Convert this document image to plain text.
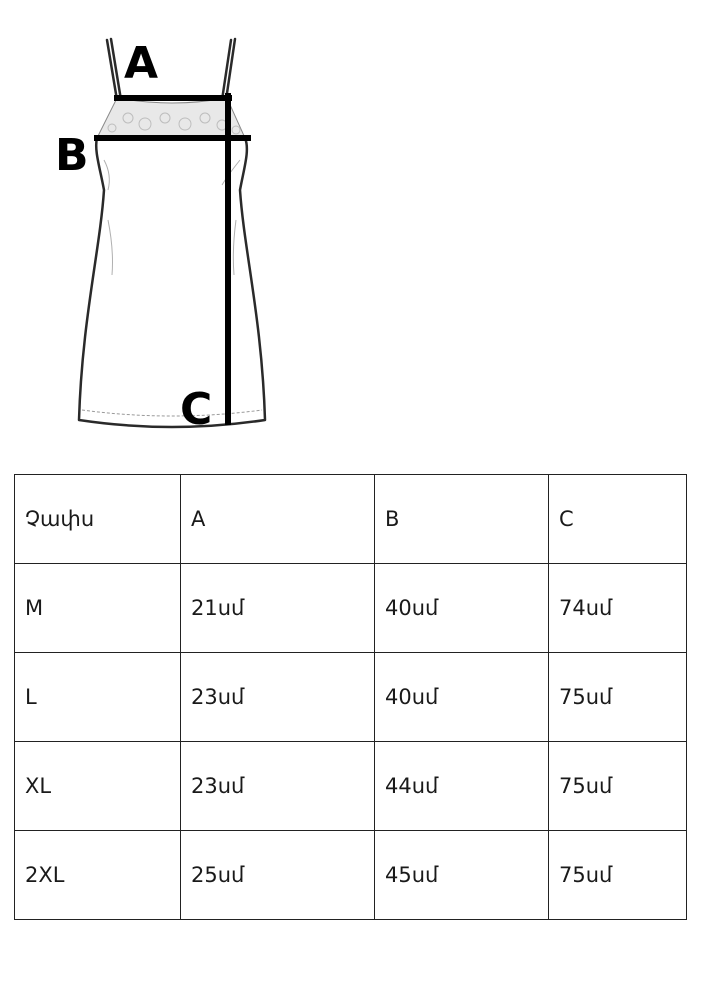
A
B
C
Չափս	A	B	C
M	21սմ	40սմ	74սմ
L	23սմ	40սմ	75սմ
XL	23սմ	44սմ	75սմ
2XL	25սմ	45սմ	75սմ
